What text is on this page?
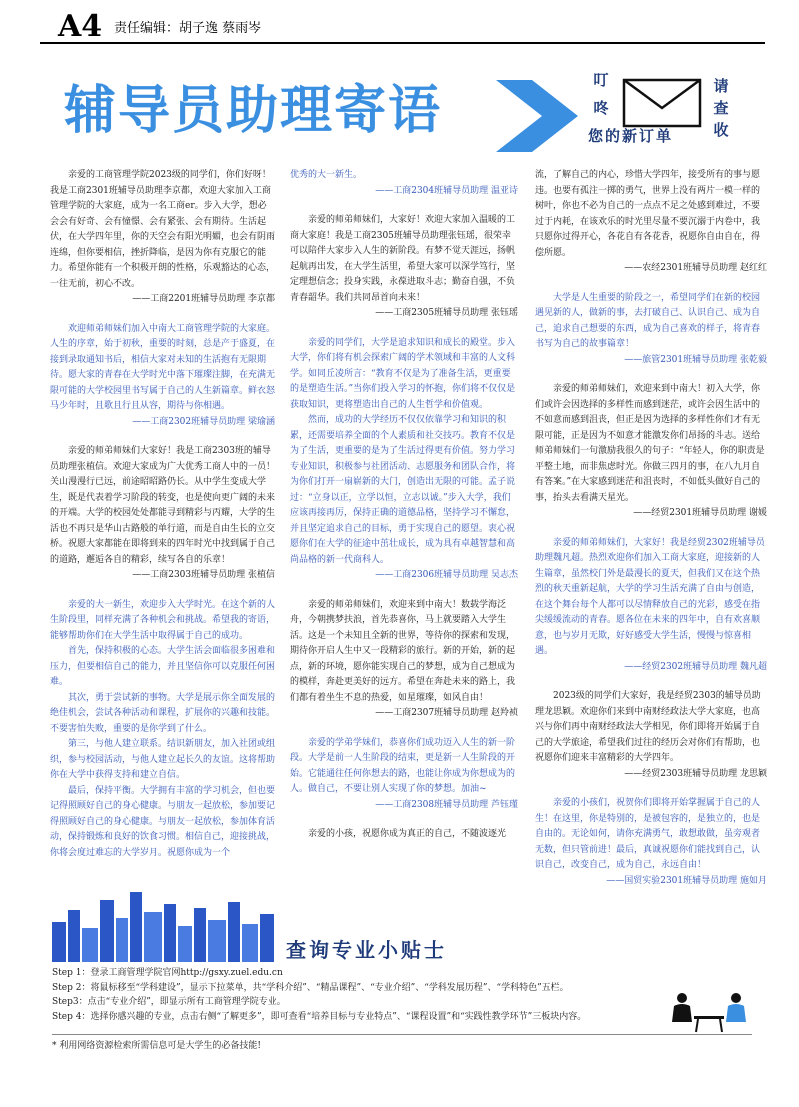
A4 责任编辑：胡子逸 蔡雨岑
辅导员助理寄语
叮
咚
请
查
收
您的新订单

亲爱的工商管理学院2023级的同学们，你们好呀！我是工商2301班辅导员助理李京都，欢迎大家加入工商管理学院的大家庭，成为一名工商er。步入大学，想必会会有好奇、会有憧憬、会有紧张、会有期待。生活起伏，在大学四年里，你的天空会有阳光明媚，也会有阴雨连绵，但你要相信，挫折降临，是因为你有克服它的能力。希望你能有一个积极开朗的性格，乐观豁达的心态，一往无前，初心不改。

——工商2201班辅导员助理 李京都

欢迎师弟师妹们加入中南大工商管理学院的大家庭。人生的序章，始于初秋，重要的时刻，总是产于盛夏，在接到录取通知书后，相信大家对未知的生活抱有无限期待。愿大家的青春在大学时光中落下璀璨注脚，在充满无限可能的大学校园里书写属于自己的人生新篇章。鲜衣怒马少年时，且歌且行且从容，期待与你相遇。

——工商2302班辅导员助理 梁瑜涵

亲爱的师弟师妹们大家好！我是工商2303班的辅导员助理张植信。欢迎大家成为广大优秀工商人中的一员！关山漫漫行已远，前途昭昭路仍长。从中学生变成大学生，既是代表着学习阶段的转变，也是使向更广阔的未来的开端。大学的校园处处都能寻到精彩与丙耀，大学的生活也不再只是华山古路般的单行道，而是自由生长的立交桥。祝愿大家都能在即将到来的四年时光中找到属于自己的道路，邂逅各自的精彩，续写各自的乐章！

——工商2303班辅导员助理 张植信

亲爱的大一新生，欢迎步入大学时光。在这个新的人生阶段里，同样充满了各种机会和挑战。希望我的寄语，能够帮助你们在大学生活中取得属于自己的成功。

首先，保持积极的心态。大学生活会面临很多困难和压力，但要相信自己的能力，并且坚信你可以克服任何困难。

其次，勇于尝试新的事物。大学是展示你全面发展的绝佳机会，尝试各种活动和课程，扩展你的兴趣和技能。不要害怕失败，重要的是你学到了什么。

第三，与他人建立联系。结识新朋友，加入社团或组织，参与校园活动，与他人建立起长久的友谊。这将帮助你在大学中获得支持和建立自信。

最后，保持平衡。大学拥有丰富的学习机会，但也要记得照顾好自己的身心健康。与朋友一起放松，参加要记得照顾好自己的身心健康。与朋友一起放松，参加体育活动，保持锻炼和良好的饮食习惯。相信自己，迎接挑战，你将会度过难忘的大学岁月。祝愿你成为一个

优秀的大一新生。

——工商2304班辅导员助理 温亚诗

亲爱的师弟师妹们，大家好！欢迎大家加入温暖的工商大家庭！我是工商2305班辅导员助理张钰瑶，很荣幸可以陪伴大家步入人生的新阶段。有梦不觉天涯远，扬帆起航再出发，在大学生活里，希望大家可以深学笃行，坚定理想信念；投身实践，永葆进取斗志；勤奋自强，不负青春韶华。我们共同昂首向未来！

——工商2305班辅导员助理 张钰瑶

亲爱的同学们，大学是追求知识和成长的殿堂。步入大学，你们将有机会探索广阔的学术领域和丰富的人文科学。如同丘凌所言：“教育不仅是为了准备生活，更重要的是塑造生活。”当你们投入学习的怀抱，你们将不仅仅是获取知识，更将塑造出自己的人生哲学和价值观。

然而，成功的大学经历不仅仅依靠学习和知识的积累，还需要培养全面的个人素质和社交技巧。教育不仅是为了生活，更重要的是为了生活过得更有价值。努力学习专业知识，积极参与社团活动、志愿服务和团队合作，将为你们打开一扇崭新的大门，创造出无限的可能。孟子说过：“立身以正，立学以恒，立志以诚。”步入大学，我们应该再接再厉，保持正确的道德品格，坚持学习不懈怠，并且坚定追求自己的目标，勇于实现自己的愿望。衷心祝愿你们在大学的征途中茁壮成长，成为具有卓越智慧和高尚品格的新一代商科人。

——工商2306班辅导员助理 吴志杰

亲爱的师弟师妹们，欢迎来到中南大！数载学海泛舟，今朝携梦扶浪，首先恭喜你，马上就要踏入大学生活。这是一个未知且全新的世界，等待你的探索和发现，期待你开启人生中又一段精彩的旅行。新的开始，新的起点，新的环境，愿你能实现自己的梦想，成为自己想成为的模样，奔赴更美好的远方。希望在奔赴未来的路上，我们都有着坐生不息的热爱，如星璀璨，如风自由！

——工商2307班辅导员助理 赵羚祯

亲爱的学弟学妹们，恭喜你们成功迈入人生的新一阶段。大学是前一人生阶段的结束，更是新一人生阶段的开始。它能通往任何你想去的路，也能让你成为你想成为的人。做自己，不要让别人实现了你的梦想。加油~

——工商2308班辅导员助理 芦钰瑾

亲爱的小孩，祝愿你成为真正的自己，不随波逐光

流，了解自己的内心，珍惜大学四年，接受所有的事与愿违。也要有孤注一掷的勇气，世界上没有两片一模一样的树叶，你也不必为自己的一点点不足之处感到难过，不要过于内耗，在该欢乐的时光里尽量不要沉溺于内卷中，我只愿你过得开心，各花自有各花香，祝愿你自由自在，得偿所愿。

——农经2301班辅导员助理 赵红红

大学是人生重要的阶段之一，希望同学们在新的校园遇见新的人，做新的事，去打破自己、认识自己、成为自己，追求自己想要的东西，成为自己喜欢的样子，将青春书写为自己的故事篇章！

——旅管2301班辅导员助理 张乾毅

亲爱的师弟师妹们，欢迎来到中南大！初入大学，你们或许会因选择的多样性而感到迷茫，或许会因生活中的不如意而感到沮丧，但正是因为选择的多样性你们才有无限可能，正是因为不如意才能激发你们昂扬的斗志。送给师弟师妹们一句激励我很久的句子：“年轻人，你的职责是平整土地，而非焦虑时光。你做三四月的事，在八九月自有答案。”在大家感到迷茫和沮丧时，不如低头做好自己的事，抬头去看满天星光。

——经贸2301班辅导员助理 谢媛

亲爱的师弟师妹们，大家好！我是经贸2302班辅导员助理魏凡超。热烈欢迎你们加入工商大家庭，迎接新的人生篇章，虽然校门外是最漫长的夏天，但我们又在这个热烈的秋天重新起航，大学的学习生活充满了自由与创造，在这个舞台每个人都可以尽情释放自己的光彩，感受在指尖缓缓流动的青春。愿各位在未来的四年中，自有欢喜顺意，也与岁月无欺，好好感受大学生活，慢慢与惊喜相遇。

——经贸2302班辅导员助理 魏凡超

2023级的同学们大家好，我是经贸2303的辅导员助理龙思颖。欢迎你们来到中南财经政法大学大家庭，也高兴与你们再中南财经政法大学相见，你们即将开始属于自己的大学旅途，希望我们过往的经历会对你们有帮助，也祝愿你们迎来丰富精彩的大学四年。

——经贸2303班辅导员助理 龙思颖

亲爱的小孩们，祝贺你们即将开始掌握属于自己的人生！在这里，你是特别的，是被包容的，是独立的，也是自由的。无论如何，请你充满勇气，敢想敢做，虽旁观者无数，但只管前进！最后，真诚祝愿你们能找到自己，认识自己，改变自己，成为自己，永远自由！

——国贸实验2301班辅导员助理 施如月

查询专业小贴士
Step 1：登录工商管理学院官网http://gsxy.zuel.edu.cn
Step 2：将鼠标移至“学科建设”，显示下拉菜单，共“学科介绍”、“精品课程”、“专业介绍”、“学科发展历程”、“学科特色”五栏。
Step3：点击“专业介绍”，即显示所有工商管理学院专业。
Step 4：选择你感兴趣的专业，点击右侧“了解更多”，即可查看“培养目标与专业特点”、“课程设置”和“实践性教学环节”三板块内容。
* 利用网络资源检索所需信息可是大学生的必备技能!
